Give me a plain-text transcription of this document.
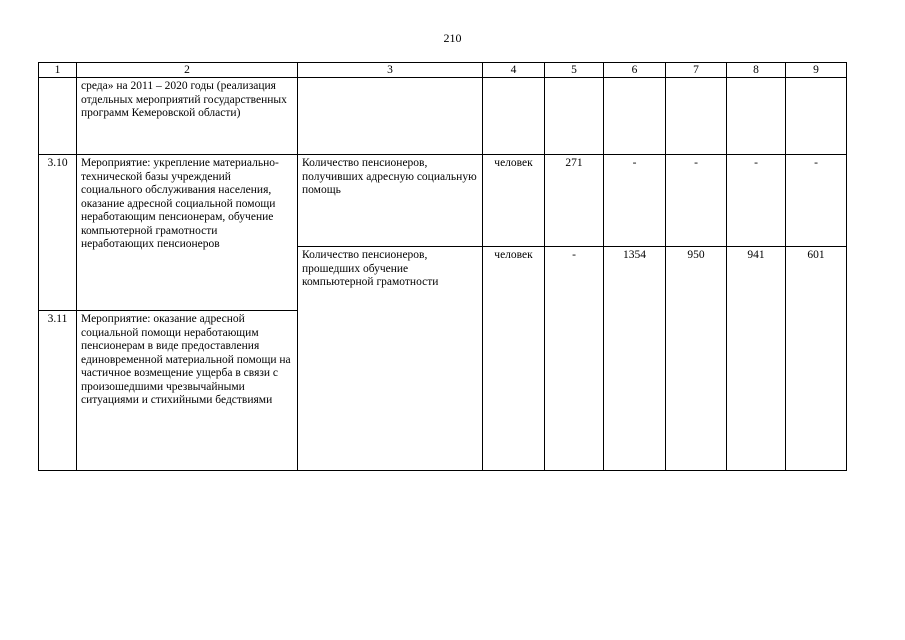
210
1	2	3	4	5	6	7	8	9
	среда» на 2011 – 2020 годы (реализация отдельных мероприятий государственных программ Кемеровской области)							
3.10	Мероприятие: укрепление материально-технической базы учреждений социального обслуживания населения, оказание адресной социальной помощи неработающим пенсионерам, обучение компьютерной грамотности неработающих пенсионеров	Количество пенсионеров, получивших адресную социальную помощь	человек	271	-	-	-	-
		Количество пенсионеров, прошедших обучение компьютерной грамотности	человек	-	1354	950	941	601
3.11	Мероприятие: оказание адресной социальной помощи неработающим пенсионерам в виде предоставления единовременной материальной помощи на частичное возмещение ущерба в связи с произошедшими чрезвычайными ситуациями и стихийными бедствиями							
